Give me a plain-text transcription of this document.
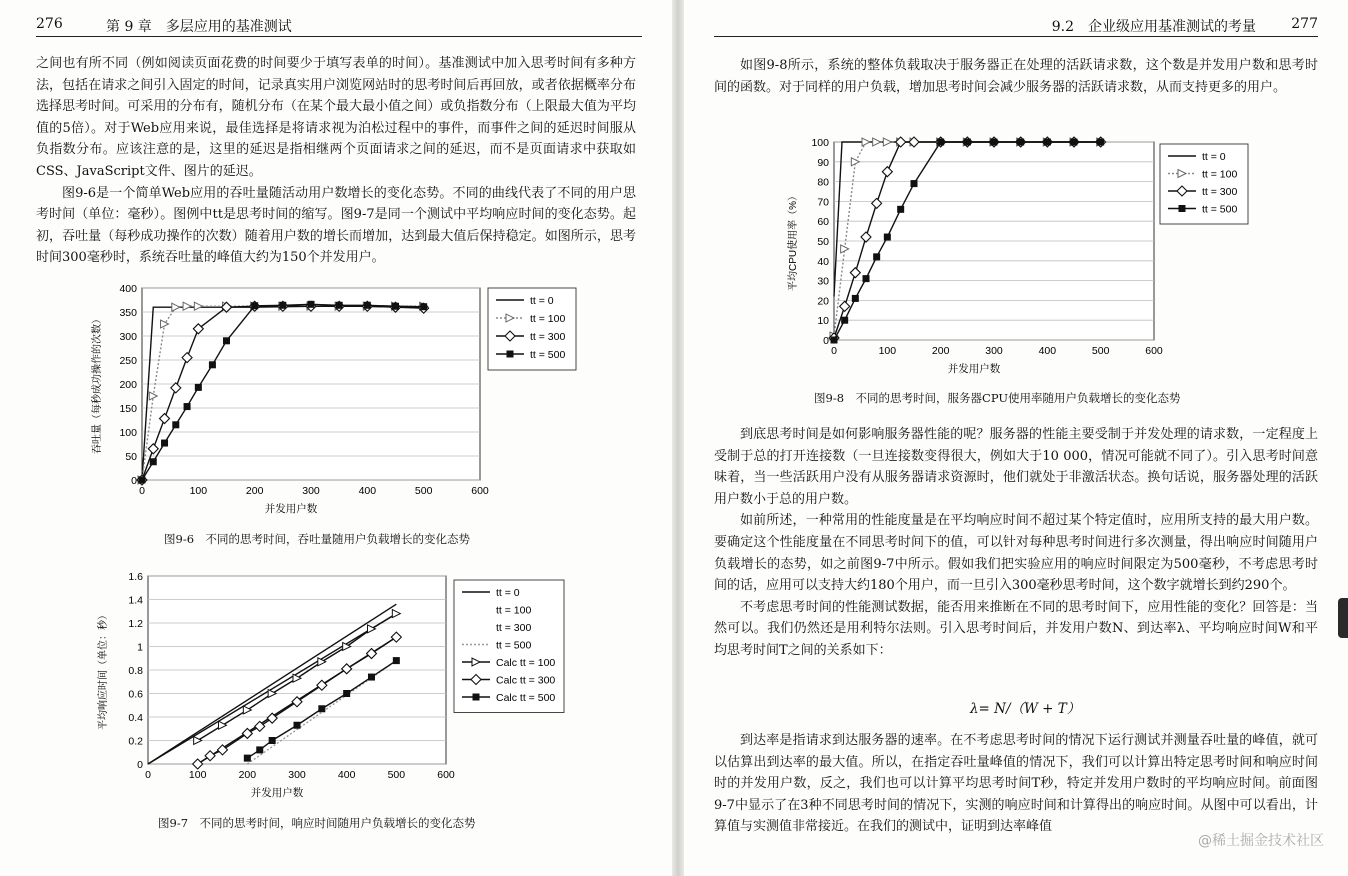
276	第 9 章　多层应用的基准测试

之间也有所不同（例如阅读页面花费的时间要少于填写表单的时间）。基准测试中加入思考时间有多种方法，包括在请求之间引入固定的时间，记录真实用户浏览网站时的思考时间后再回放，或者依据概率分布选择思考时间。可采用的分布有，随机分布（在某个最大最小值之间）或负指数分布（上限最大值为平均值的5倍）。对于Web应用来说，最佳选择是将请求视为泊松过程中的事件，而事件之间的延迟时间服从负指数分布。应该注意的是，这里的延迟是指相继两个页面请求之间的延迟，而不是页面请求中获取如CSS、JavaScript文件、图片的延迟。

图9-6是一个简单Web应用的吞吐量随活动用户数增长的变化态势。不同的曲线代表了不同的用户思考时间（单位：毫秒）。图例中tt是思考时间的缩写。图9-7是同一个测试中平均响应时间的变化态势。起初，吞吐量（每秒成功操作的次数）随着用户数的增长而增加，达到最大值后保持稳定。如图所示，思考时间300毫秒时，系统吞吐量的峰值大约为150个并发用户。

0
50
100
150
200
250
300
350
400
0	100	200	300	400	500	600
并发用户数
吞吐量（每秒成功操作的次数）
tt = 0
tt = 100
tt = 300
tt = 500
图9-6　不同的思考时间，吞吐量随用户负载增长的变化态势
0
0.2
0.4
0.6
0.8
1
1.2
1.4
1.6
0	100	200	300	400	500	600
并发用户数
平均响应时间（单位：秒）
tt = 0
tt = 100
tt = 300
tt = 500
Calc tt = 100
Calc tt = 300
Calc tt = 500
图9-7　不同的思考时间，响应时间随用户负载增长的变化态势
9.2　企业级应用基准测试的考量	277

如图9-8所示，系统的整体负载取决于服务器正在处理的活跃请求数，这个数是并发用户数和思考时间的函数。对于同样的用户负载，增加思考时间会减少服务器的活跃请求数，从而支持更多的用户。

0
10
20
30
40
50
60
70
80
90
100
0	100	200	300	400	500	600
并发用户数
平均CPU使用率（%）
tt = 0
tt = 100
tt = 300
tt = 500
图9-8　不同的思考时间，服务器CPU使用率随用户负载增长的变化态势

到底思考时间是如何影响服务器性能的呢？服务器的性能主要受制于并发处理的请求数，一定程度上受制于总的打开连接数（一旦连接数变得很大，例如大于10 000，情况可能就不同了）。引入思考时间意味着，当一些活跃用户没有从服务器请求资源时，他们就处于非激活状态。换句话说，服务器处理的活跃用户数小于总的用户数。

如前所述，一种常用的性能度量是在平均响应时间不超过某个特定值时，应用所支持的最大用户数。要确定这个性能度量在不同思考时间下的值，可以针对每种思考时间进行多次测量，得出响应时间随用户负载增长的态势，如之前图9-7中所示。假如我们把实验应用的响应时间限定为500毫秒，不考虑思考时间的话，应用可以支持大约180个用户，而一旦引入300毫秒思考时间，这个数字就增长到约290个。

不考虑思考时间的性能测试数据，能否用来推断在不同的思考时间下，应用性能的变化？回答是：当然可以。我们仍然还是用利特尔法则。引入思考时间后，并发用户数N、到达率λ、平均响应时间W和平均思考时间T之间的关系如下：

λ= N/（W + T）

到达率是指请求到达服务器的速率。在不考虑思考时间的情况下运行测试并测量吞吐量的峰值，就可以估算出到达率的最大值。所以，在指定吞吐量峰值的情况下，我们可以计算出特定思考时间和响应时间时的并发用户数，反之，我们也可以计算平均思考时间T秒，特定并发用户数时的平均响应时间。前面图9-7中显示了在3种不同思考时间的情况下，实测的响应时间和计算得出的响应时间。从图中可以看出，计算值与实测值非常接近。在我们的测试中，证明到达率峰值

@稀土掘金技术社区
